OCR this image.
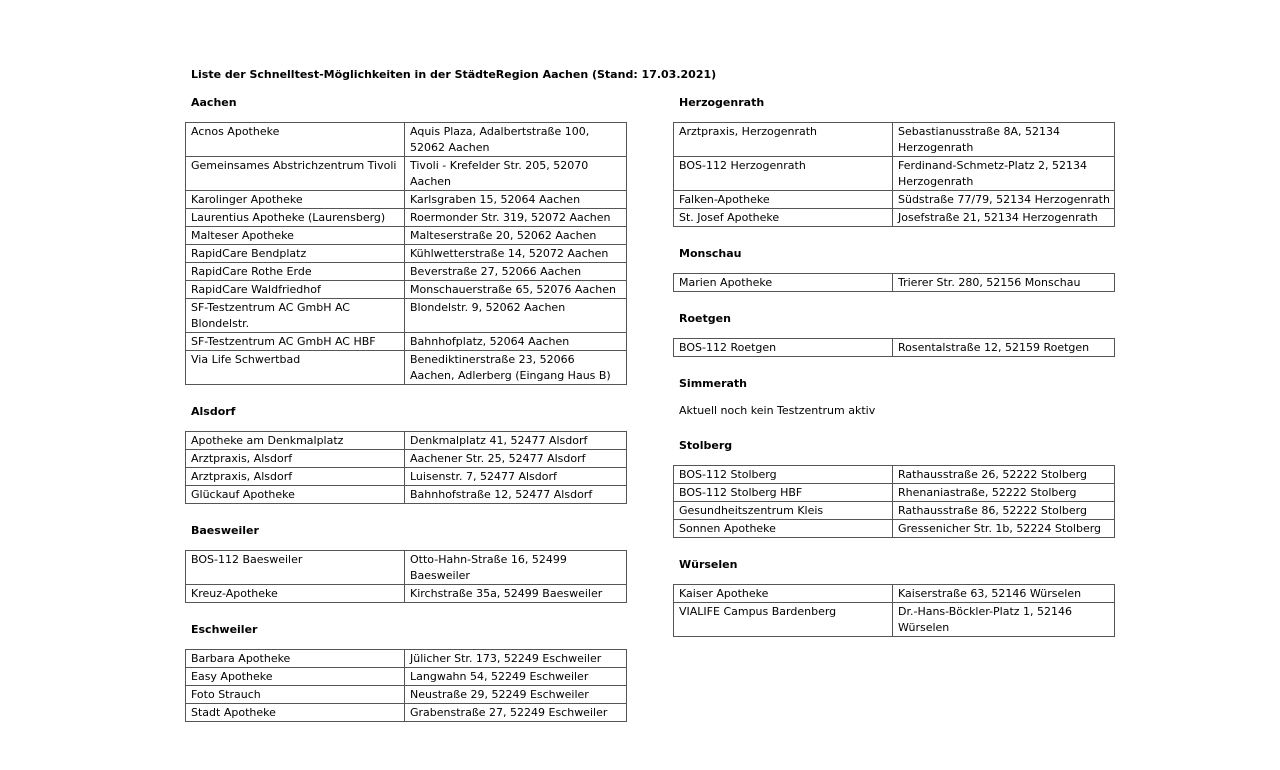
Liste der Schnelltest-Möglichkeiten in der StädteRegion Aachen (Stand: 17.03.2021)
Aachen
Acnos Apotheke	Aquis Plaza, Adalbertstraße 100, 52062 Aachen
Gemeinsames Abstrichzentrum Tivoli	Tivoli - Krefelder Str. 205, 52070 Aachen
Karolinger Apotheke	Karlsgraben 15, 52064 Aachen
Laurentius Apotheke (Laurensberg)	Roermonder Str. 319, 52072 Aachen
Malteser Apotheke	Malteserstraße 20, 52062 Aachen
RapidCare Bendplatz	Kühlwetterstraße 14, 52072 Aachen
RapidCare Rothe Erde	Beverstraße 27, 52066 Aachen
RapidCare Waldfriedhof	Monschauerstraße 65, 52076 Aachen
SF-Testzentrum AC GmbH AC Blondelstr.	Blondelstr. 9, 52062 Aachen
SF-Testzentrum AC GmbH AC HBF	Bahnhofplatz, 52064 Aachen
Via Life Schwertbad	Benediktinerstraße 23, 52066 Aachen, Adlerberg (Eingang Haus B)
Alsdorf
Apotheke am Denkmalplatz	Denkmalplatz 41, 52477 Alsdorf
Arztpraxis, Alsdorf	Aachener Str. 25, 52477 Alsdorf
Arztpraxis, Alsdorf	Luisenstr. 7, 52477 Alsdorf
Glückauf Apotheke	Bahnhofstraße 12, 52477 Alsdorf
Baesweiler
BOS-112 Baesweiler	Otto-Hahn-Straße 16, 52499 Baesweiler
Kreuz-Apotheke	Kirchstraße 35a, 52499 Baesweiler
Eschweiler
Barbara Apotheke	Jülicher Str. 173, 52249 Eschweiler
Easy Apotheke	Langwahn 54, 52249 Eschweiler
Foto Strauch	Neustraße 29, 52249 Eschweiler
Stadt Apotheke	Grabenstraße 27, 52249 Eschweiler
Herzogenrath
Arztpraxis, Herzogenrath	Sebastianusstraße 8A, 52134 Herzogenrath
BOS-112 Herzogenrath	Ferdinand-Schmetz-Platz 2, 52134 Herzogenrath
Falken-Apotheke	Südstraße 77/79, 52134 Herzogenrath
St. Josef Apotheke	Josefstraße 21, 52134 Herzogenrath
Monschau
Marien Apotheke	Trierer Str. 280, 52156 Monschau
Roetgen
BOS-112 Roetgen	Rosentalstraße 12, 52159 Roetgen
Simmerath
Aktuell noch kein Testzentrum aktiv
Stolberg
BOS-112 Stolberg	Rathausstraße 26, 52222 Stolberg
BOS-112 Stolberg HBF	Rhenaniastraße, 52222 Stolberg
Gesundheitszentrum Kleis	Rathausstraße 86, 52222 Stolberg
Sonnen Apotheke	Gressenicher Str. 1b, 52224 Stolberg
Würselen
Kaiser Apotheke	Kaiserstraße 63, 52146 Würselen
VIALIFE Campus Bardenberg	Dr.-Hans-Böckler-Platz 1, 52146 Würselen
